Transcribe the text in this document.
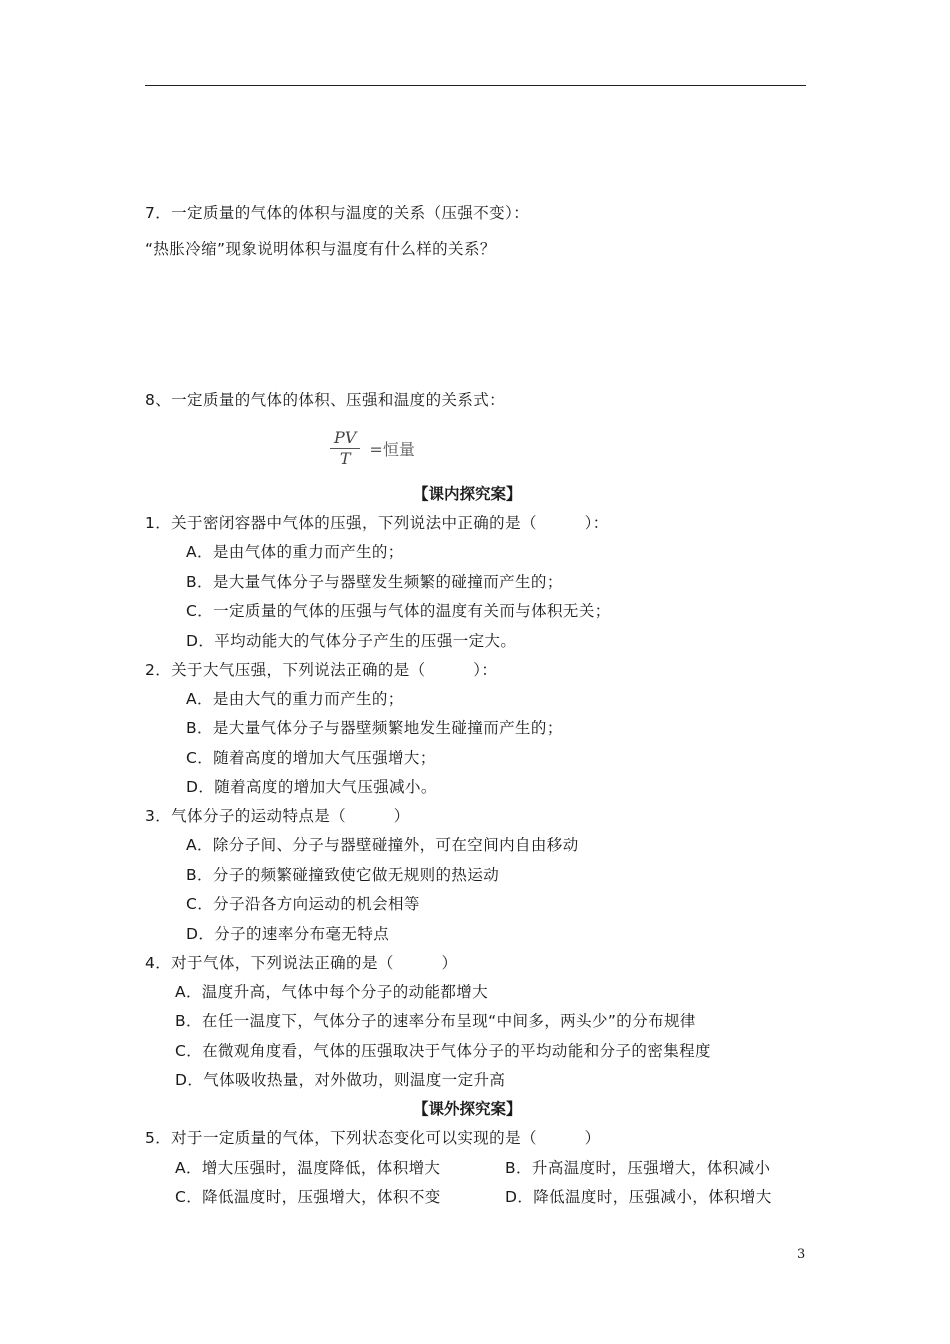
7．一定质量的气体的体积与温度的关系（压强不变）：
“热胀冷缩”现象说明体积与温度有什么样的关系？
8、一定质量的气体的体积、压强和温度的关系式：
$\frac{PV}{T}$ =恒量
【课内探究案】
1．关于密闭容器中气体的压强，下列说法中正确的是（　　　）：
A．是由气体的重力而产生的；
B．是大量气体分子与器壁发生频繁的碰撞而产生的；
C．一定质量的气体的压强与气体的温度有关而与体积无关；
D．平均动能大的气体分子产生的压强一定大。
2．关于大气压强，下列说法正确的是（　　　）：
A．是由大气的重力而产生的；
B．是大量气体分子与器壁频繁地发生碰撞而产生的；
C．随着高度的增加大气压强增大；
D．随着高度的增加大气压强减小。
3．气体分子的运动特点是（　　　）
A．除分子间、分子与器壁碰撞外，可在空间内自由移动
B．分子的频繁碰撞致使它做无规则的热运动
C．分子沿各方向运动的机会相等
D．分子的速率分布毫无特点
4．对于气体，下列说法正确的是（　　　）
A．温度升高，气体中每个分子的动能都增大
B．在任一温度下，气体分子的速率分布呈现“中间多，两头少”的分布规律
C．在微观角度看，气体的压强取决于气体分子的平均动能和分子的密集程度
D．气体吸收热量，对外做功，则温度一定升高
【课外探究案】
5．对于一定质量的气体，下列状态变化可以实现的是（　　　）
A．增大压强时，温度降低，体积增大	B．升高温度时，压强增大，体积减小
C．降低温度时，压强增大，体积不变	D．降低温度时，压强减小，体积增大
3
